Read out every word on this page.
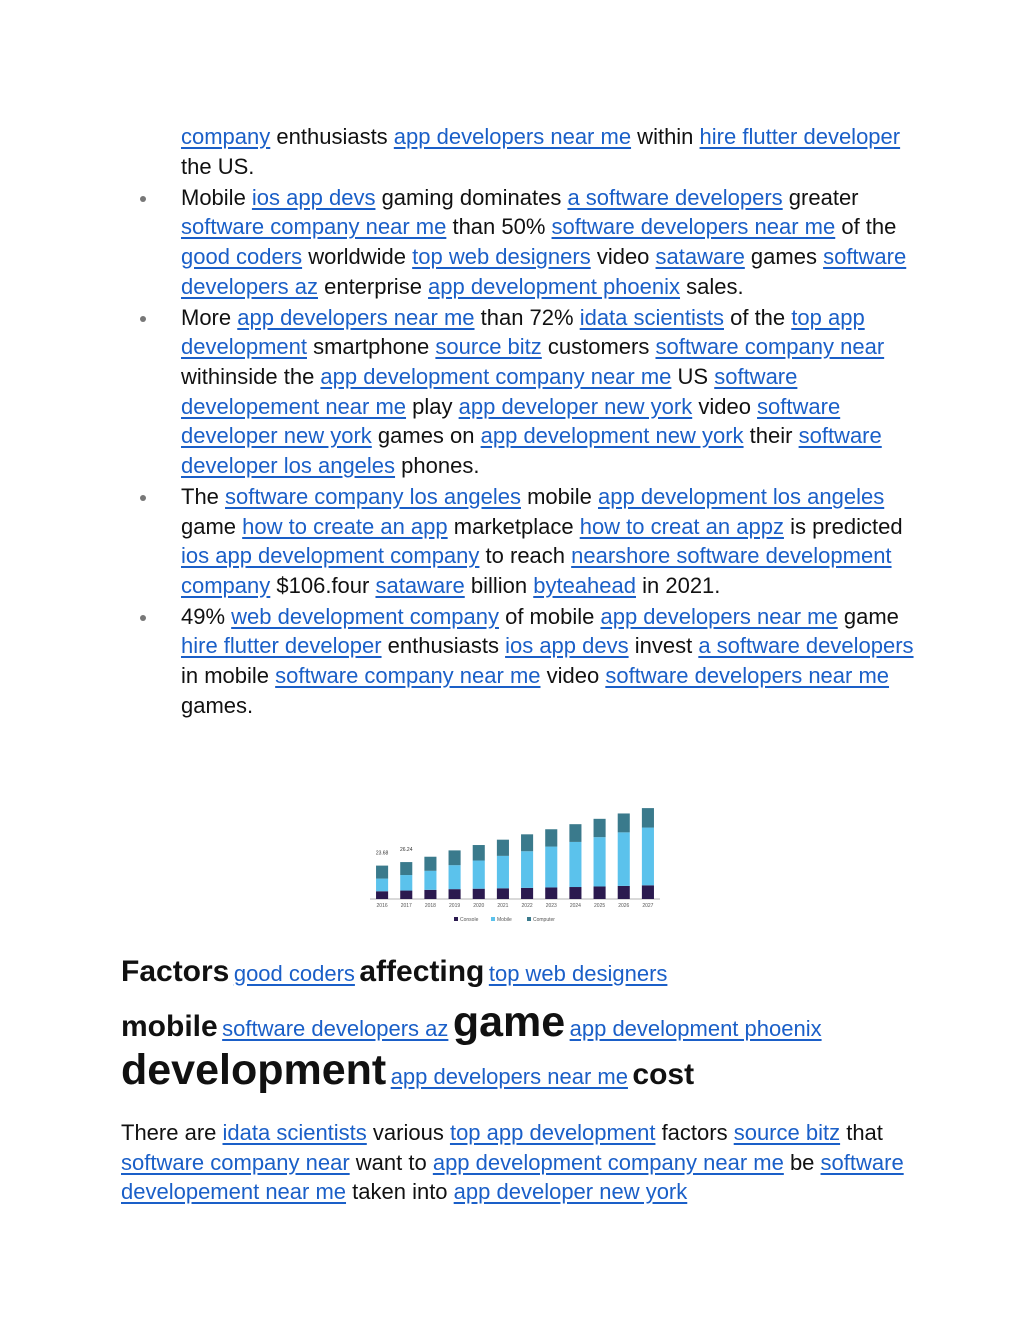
company enthusiasts app developers near me within hire flutter developer the US.
Mobile ios app devs gaming dominates a software developers greater software company near me than 50% software developers near me of the good coders worldwide top web designers video sataware games software developers az enterprise app development phoenix sales.
More app developers near me than 72% idata scientists of the top app development smartphone source bitz customers software company near withinside the app development company near me US software developement near me play app developer new york video software developer new york games on app development new york their software developer los angeles phones.
The software company los angeles mobile app development los angeles game how to create an app marketplace how to creat an appz is predicted ios app development company to reach nearshore software development company $106.four sataware billion byteahead in 2021.
49% web development company of mobile app developers near me game hire flutter developer enthusiasts ios app devs invest a software developers in mobile software company near me video software developers near me games.
2016
23.68
2017
26.24
2018	2019	2020	2021	2022	2023	2024	2025	2026	2027
Console	Mobile	Computer
Factors good coders affecting top web designers
mobile software developers az game app development phoenix
development app developers near me cost

There are idata scientists various top app development factors source bitz that software company near want to app development company near me be software developement near me taken into app developer new york
